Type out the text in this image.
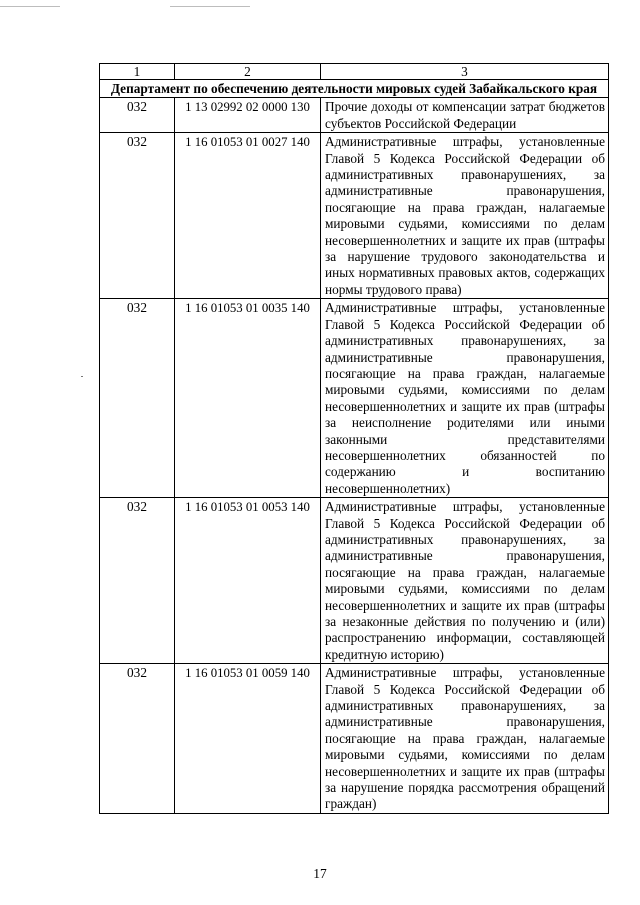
1	2	3
Департамент по обеспечению деятельности мировых судей Забайкальского края		
032	1 13 02992 02 0000 130	Прочие доходы от компенсации затрат бюджетов субъектов Российской Федерации
032	1 16 01053 01 0027 140	Административные штрафы, установленные Главой 5 Кодекса Российской Федерации об административных правонарушениях, за административные правонарушения, посягающие на права граждан, налагаемые мировыми судьями, комиссиями по делам несовершеннолетних и защите их прав (штрафы за нарушение трудового законодательства и иных нормативных правовых актов, содержащих нормы трудового права)
032	1 16 01053 01 0035 140	Административные штрафы, установленные Главой 5 Кодекса Российской Федерации об административных правонарушениях, за административные правонарушения, посягающие на права граждан, налагаемые мировыми судьями, комиссиями по делам несовершеннолетних и защите их прав (штрафы за неисполнение родителями или иными законными представителями несовершеннолетних обязанностей по содержанию и воспитанию несовершеннолетних)
032	1 16 01053 01 0053 140	Административные штрафы, установленные Главой 5 Кодекса Российской Федерации об административных правонарушениях, за административные правонарушения, посягающие на права граждан, налагаемые мировыми судьями, комиссиями по делам несовершеннолетних и защите их прав (штрафы за незаконные действия по получению и (или) распространению информации, составляющей кредитную историю)
032	1 16 01053 01 0059 140	Административные штрафы, установленные Главой 5 Кодекса Российской Федерации об административных правонарушениях, за административные правонарушения, посягающие на права граждан, налагаемые мировыми судьями, комиссиями по делам несовершеннолетних и защите их прав (штрафы за нарушение порядка рассмотрения обращений граждан)
17
